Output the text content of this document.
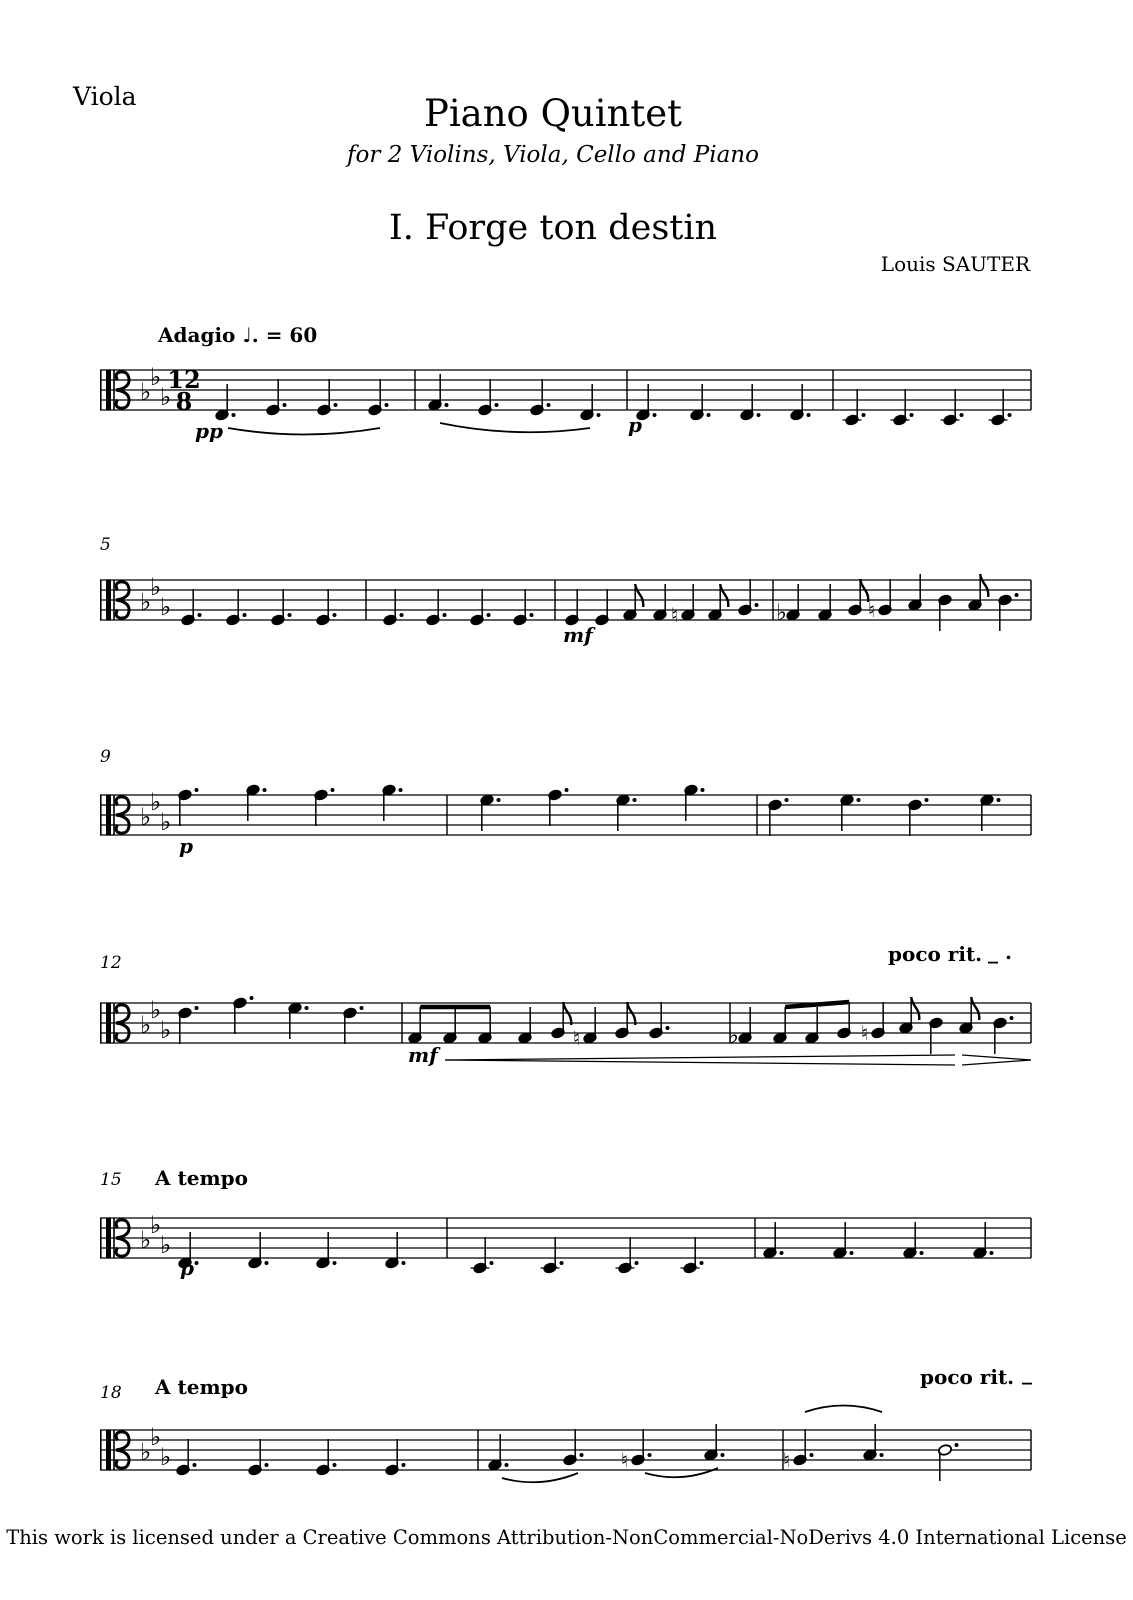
Viola	Piano Quintet
for 2 Violins, Viola, Cello and Piano
I. Forge ton destin
Louis SAUTER
♭
♭
♭
12
8
Adagio ♩. = 60
pp	p
♭
♭
♭	♮	♭	♮
5
mf
♭
♭
♭
9
p
♭
♭
♭	♮	♭	♮
12
mf
poco rit. _ .
♭
♭
♭
15 A tempo
p
♭
♭
♭	♮	♮
18 A tempo	poco rit. _
This work is licensed under a Creative Commons Attribution-NonCommercial-NoDerivs 4.0 International License
